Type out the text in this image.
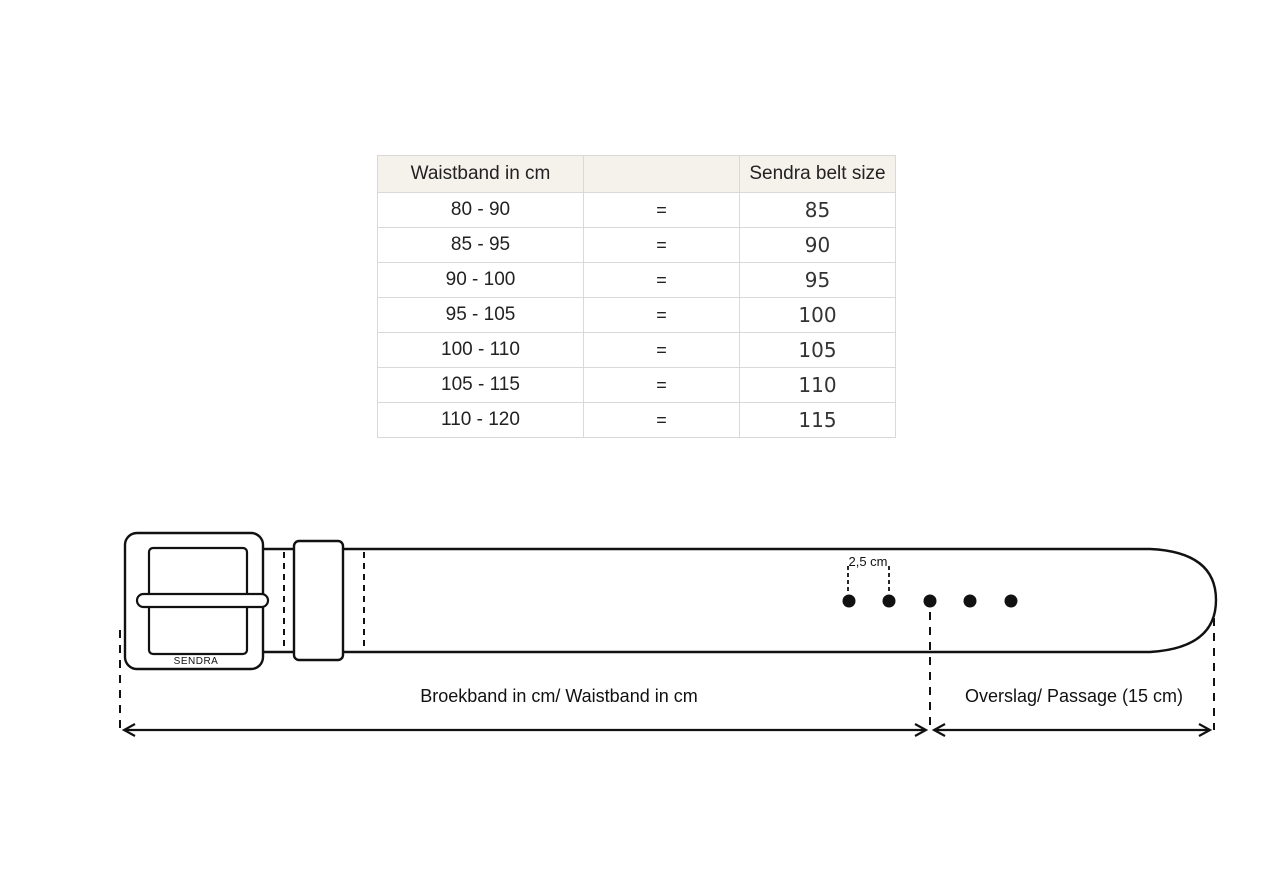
Waistband in cm		Sendra belt size
80 - 90	=	85
85 - 95	=	90
90 - 100	=	95
95 - 105	=	100
100 - 110	=	105
105 - 115	=	110
110 - 120	=	115
SENDRA
2,5 cm
Broekband in cm/ Waistband in cm	Overslag/ Passage (15 cm)
